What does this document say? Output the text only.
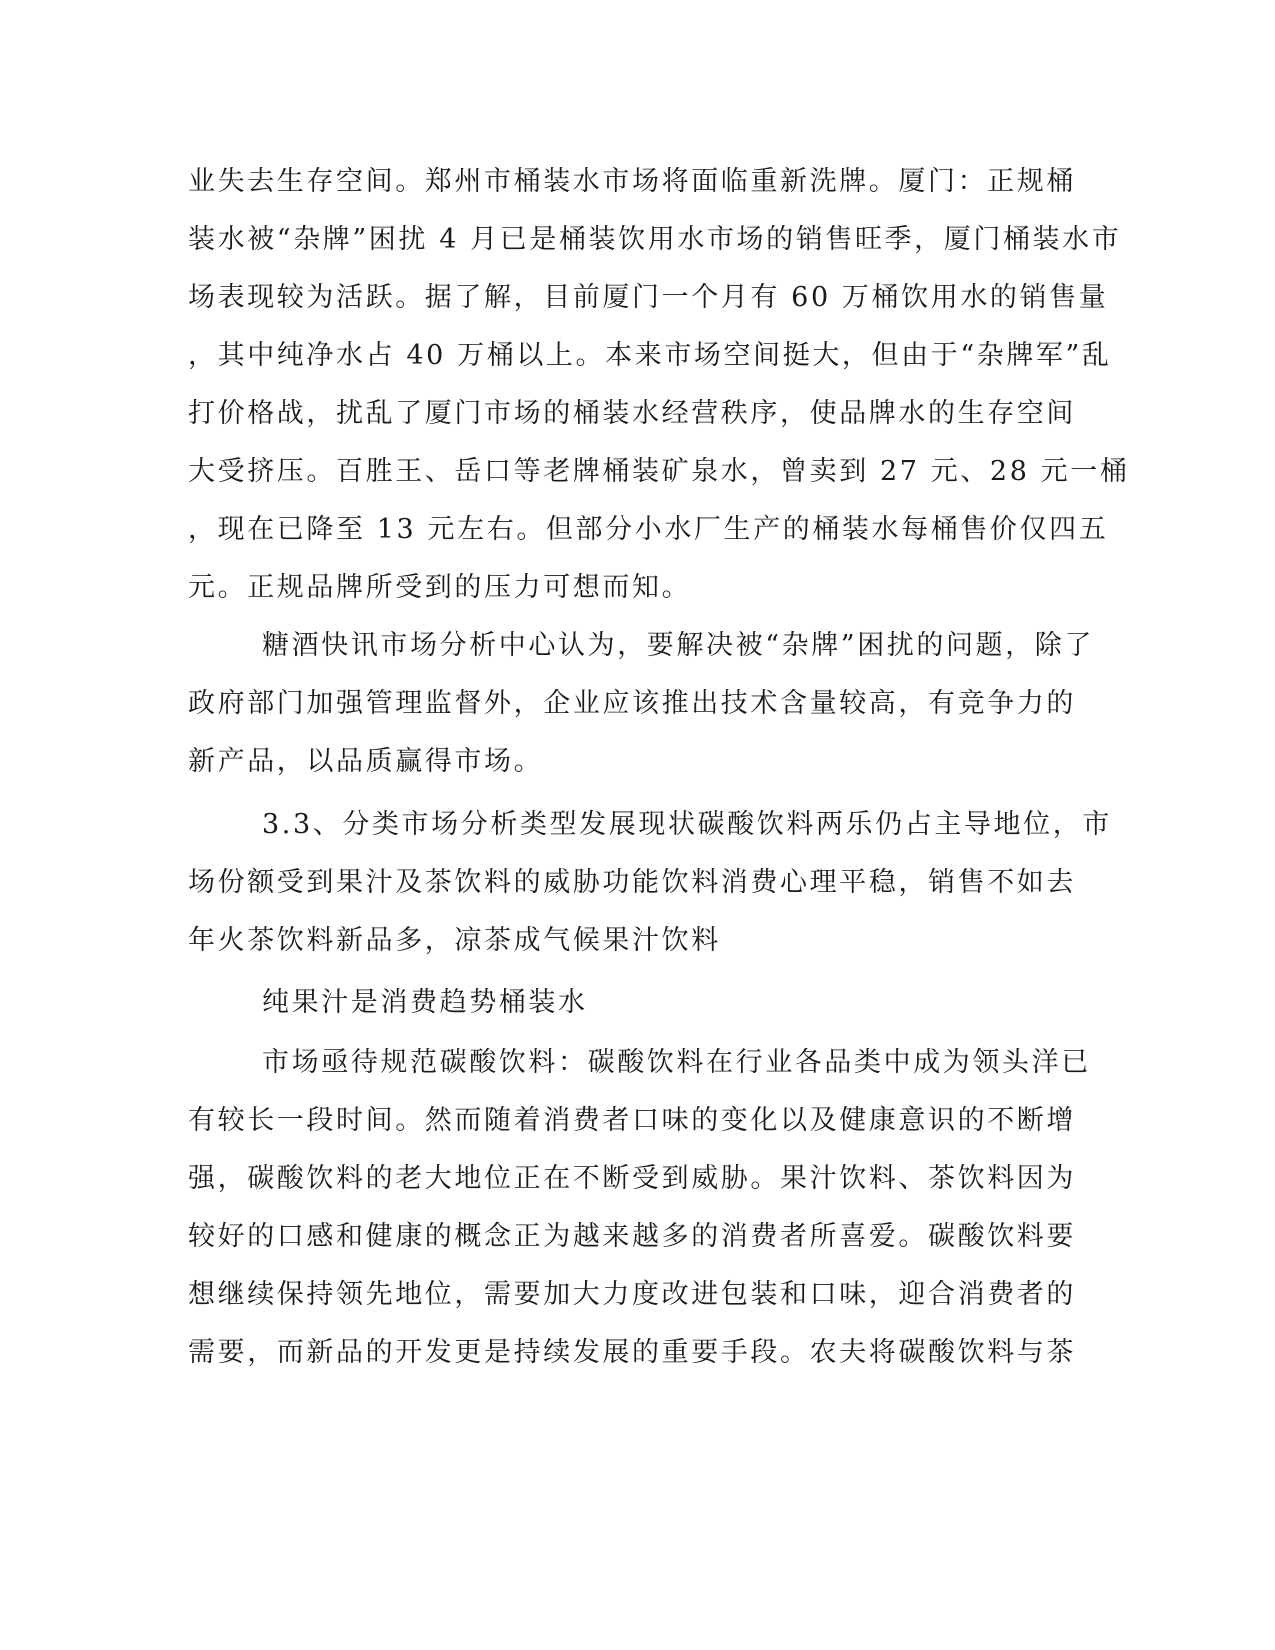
业失去生存空间。郑州市桶装水市场将面临重新洗牌。厦门：正规桶
装水被“杂牌”困扰 4 月已是桶装饮用水市场的销售旺季，厦门桶装水市
场表现较为活跃。据了解，目前厦门一个月有 60 万桶饮用水的销售量
，其中纯净水占 40 万桶以上。本来市场空间挺大，但由于“杂牌军”乱
打价格战，扰乱了厦门市场的桶装水经营秩序，使品牌水的生存空间
大受挤压。百胜王、岳口等老牌桶装矿泉水，曾卖到 27 元、28 元一桶
，现在已降至 13 元左右。但部分小水厂生产的桶装水每桶售价仅四五
元。正规品牌所受到的压力可想而知。
糖酒快讯市场分析中心认为，要解决被“杂牌”困扰的问题，除了
政府部门加强管理监督外，企业应该推出技术含量较高，有竞争力的
新产品，以品质赢得市场。
3.3、分类市场分析类型发展现状碳酸饮料两乐仍占主导地位，市
场份额受到果汁及茶饮料的威胁功能饮料消费心理平稳，销售不如去
年火茶饮料新品多，凉茶成气候果汁饮料
纯果汁是消费趋势桶装水
市场亟待规范碳酸饮料：碳酸饮料在行业各品类中成为领头洋已
有较长一段时间。然而随着消费者口味的变化以及健康意识的不断增
强，碳酸饮料的老大地位正在不断受到威胁。果汁饮料、茶饮料因为
较好的口感和健康的概念正为越来越多的消费者所喜爱。碳酸饮料要
想继续保持领先地位，需要加大力度改进包装和口味，迎合消费者的
需要，而新品的开发更是持续发展的重要手段。农夫将碳酸饮料与茶
